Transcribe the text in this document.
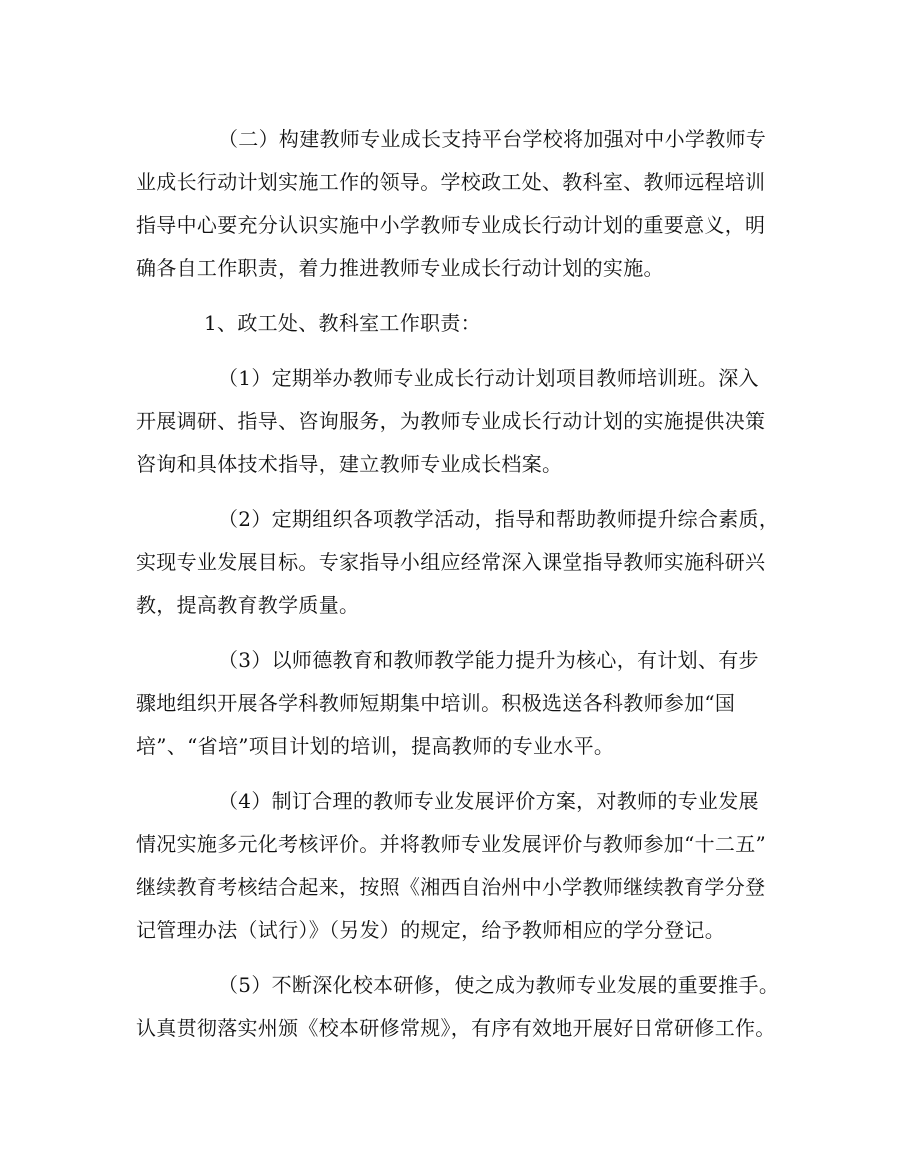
（二）构建教师专业成长支持平台学校将加强对中小学教师专
业成长行动计划实施工作的领导。学校政工处、教科室、教师远程培训
指导中心要充分认识实施中小学教师专业成长行动计划的重要意义，明
确各自工作职责，着力推进教师专业成长行动计划的实施。
1、政工处、教科室工作职责：
（1）定期举办教师专业成长行动计划项目教师培训班。深入
开展调研、指导、咨询服务，为教师专业成长行动计划的实施提供决策
咨询和具体技术指导，建立教师专业成长档案。
（2）定期组织各项教学活动，指导和帮助教师提升综合素质，
实现专业发展目标。专家指导小组应经常深入课堂指导教师实施科研兴
教，提高教育教学质量。
（3）以师德教育和教师教学能力提升为核心，有计划、有步
骤地组织开展各学科教师短期集中培训。积极选送各科教师参加“国
培”、“省培”项目计划的培训，提高教师的专业水平。
（4）制订合理的教师专业发展评价方案，对教师的专业发展
情况实施多元化考核评价。并将教师专业发展评价与教师参加“十二五”
继续教育考核结合起来，按照《湘西自治州中小学教师继续教育学分登
记管理办法（试行）》（另发）的规定，给予教师相应的学分登记。
（5）不断深化校本研修，使之成为教师专业发展的重要推手。
认真贯彻落实州颁《校本研修常规》，有序有效地开展好日常研修工作。
